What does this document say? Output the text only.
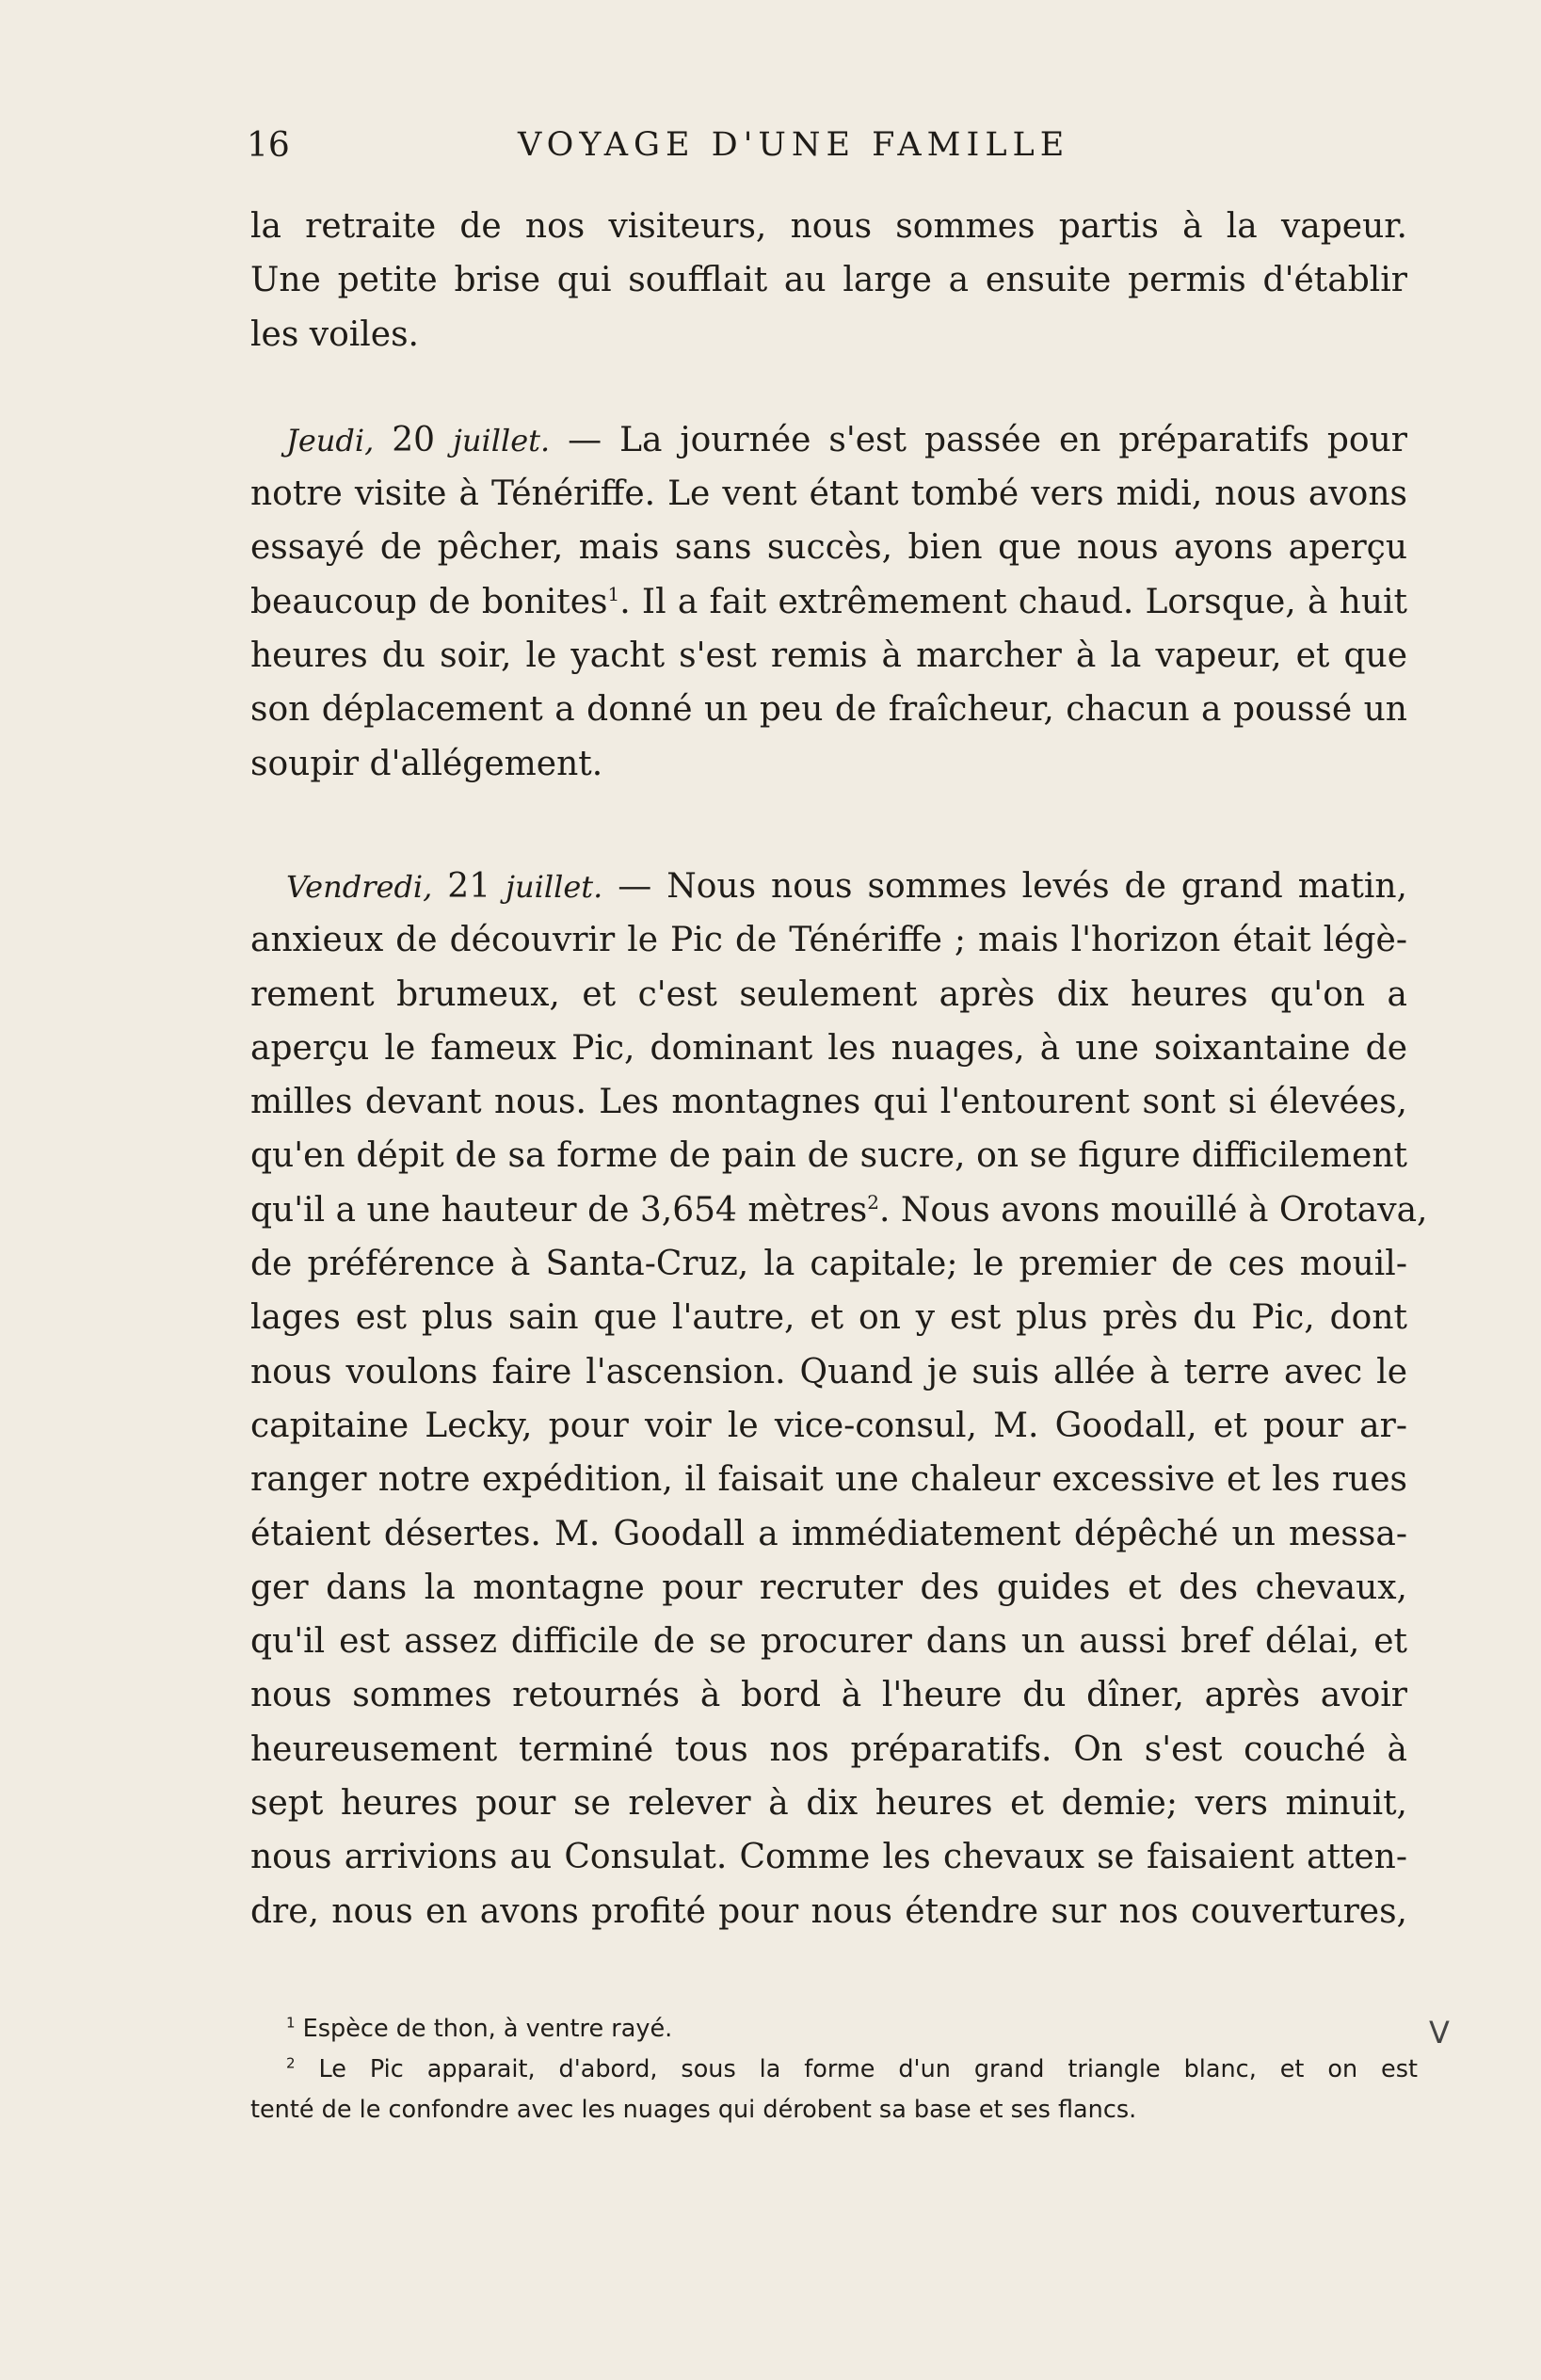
16	VOYAGE D'UNE FAMILLE
la retraite de nos visiteurs, nous sommes partis à la vapeur.
Une petite brise qui soufflait au large a ensuite permis d'établir
les voiles.
Jeudi, 20 juillet. — La journée s'est passée en préparatifs pour
notre visite à Ténériffe. Le vent étant tombé vers midi, nous avons
essayé de pêcher, mais sans succès, bien que nous ayons aperçu
beaucoup de bonites$^1$. Il a fait extrêmement chaud. Lorsque, à huit
heures du soir, le yacht s'est remis à marcher à la vapeur, et que
son déplacement a donné un peu de fraîcheur, chacun a poussé un
soupir d'allégement.
Vendredi, 21 juillet. — Nous nous sommes levés de grand matin,
anxieux de découvrir le Pic de Ténériffe ; mais l'horizon était légè-
rement brumeux, et c'est seulement après dix heures qu'on a
aperçu le fameux Pic, dominant les nuages, à une soixantaine de
milles devant nous. Les montagnes qui l'entourent sont si élevées,
qu'en dépit de sa forme de pain de sucre, on se figure difficilement
qu'il a une hauteur de 3,654 mètres$^2$. Nous avons mouillé à Orotava,
de préférence à Santa-Cruz, la capitale; le premier de ces mouil-
lages est plus sain que l'autre, et on y est plus près du Pic, dont
nous voulons faire l'ascension. Quand je suis allée à terre avec le
capitaine Lecky, pour voir le vice-consul, M. Goodall, et pour ar-
ranger notre expédition, il faisait une chaleur excessive et les rues
étaient désertes. M. Goodall a immédiatement dépêché un messa-
ger dans la montagne pour recruter des guides et des chevaux,
qu'il est assez difficile de se procurer dans un aussi bref délai, et
nous sommes retournés à bord à l'heure du dîner, après avoir
heureusement terminé tous nos préparatifs. On s'est couché à
sept heures pour se relever à dix heures et demie; vers minuit,
nous arrivions au Consulat. Comme les chevaux se faisaient atten-
dre, nous en avons profité pour nous étendre sur nos couvertures,
$^1$ Espèce de thon, à ventre rayé.
$^2$ Le Pic apparait, d'abord, sous la forme d'un grand triangle blanc, et on est
tenté de le confondre avec les nuages qui dérobent sa base et ses flancs.
V
